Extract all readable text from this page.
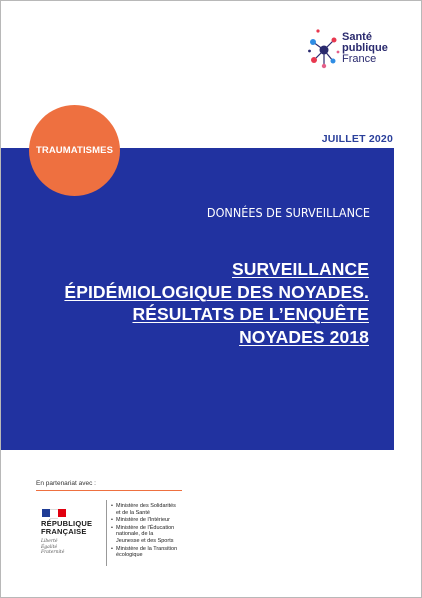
Santé
publique
France
JUILLET 2020
TRAUMATISMES
DONNÉES DE SURVEILLANCE
SURVEILLANCE
ÉPIDÉMIOLOGIQUE DES NOYADES.
RÉSULTATS DE L’ENQUÊTE
NOYADES 2018
En partenariat avec :
RÉPUBLIQUE
FRANÇAISE
Liberté
Égalité
Fraternité
• Ministère des Solidarités
et de la Santé
• Ministère de l'Intérieur
• Ministère de l'Éducation
nationale, de la
Jeunesse et des Sports
• Ministère de la Transition
écologique
